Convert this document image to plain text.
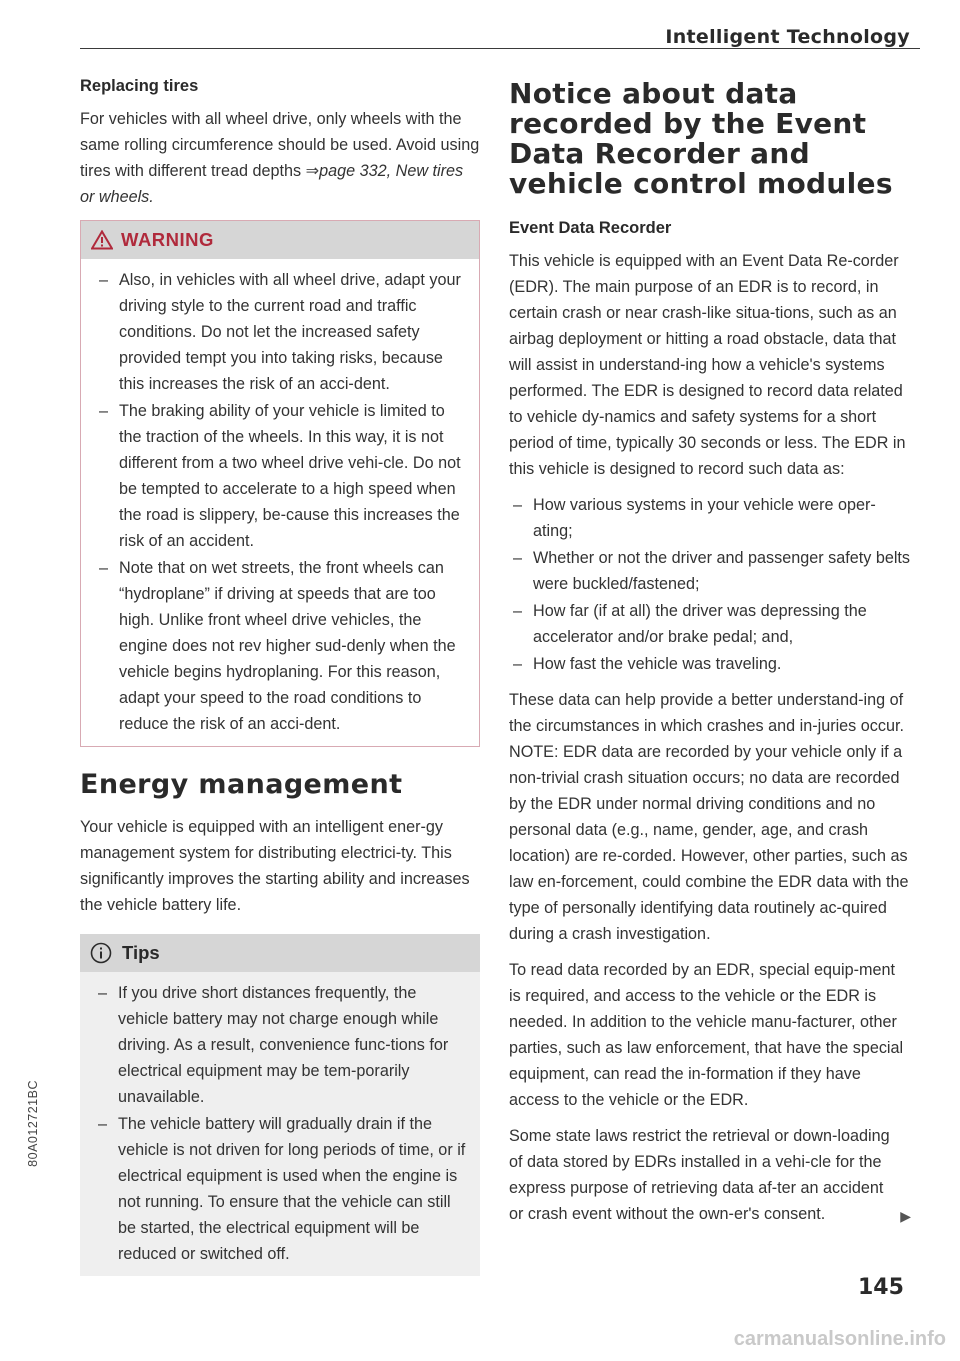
Intelligent Technology
Replacing tires

For vehicles with all wheel drive, only wheels with the same rolling circumference should be used. Avoid using tires with different tread depths ⇒page 332, New tires or wheels.

WARNING
– Also, in vehicles with all wheel drive, adapt your driving style to the current road and traffic conditions. Do not let the increased safety provided tempt you into taking risks, because this increases the risk of an acci-dent.
– The braking ability of your vehicle is limited to the traction of the wheels. In this way, it is not different from a two wheel drive vehi-cle. Do not be tempted to accelerate to a high speed when the road is slippery, be-cause this increases the risk of an accident.
– Note that on wet streets, the front wheels can “hydroplane” if driving at speeds that are too high. Unlike front wheel drive vehicles, the engine does not rev higher sud-denly when the vehicle begins hydroplaning. For this reason, adapt your speed to the road conditions to reduce the risk of an acci-dent.
Energy management

Your vehicle is equipped with an intelligent ener-gy management system for distributing electrici-ty. This significantly improves the starting ability and increases the vehicle battery life.

Tips
– If you drive short distances frequently, the vehicle battery may not charge enough while driving. As a result, convenience func-tions for electrical equipment may be tem-porarily unavailable.
– The vehicle battery will gradually drain if the vehicle is not driven for long periods of time, or if electrical equipment is used when the engine is not running. To ensure that the vehicle can still be started, the electrical equipment will be reduced or switched off.
Notice about data recorded by the Event Data Recorder and vehicle control modules
Event Data Recorder

This vehicle is equipped with an Event Data Re-corder (EDR). The main purpose of an EDR is to record, in certain crash or near crash-like situa-tions, such as an airbag deployment or hitting a road obstacle, data that will assist in understand-ing how a vehicle's systems performed. The EDR is designed to record data related to vehicle dy-namics and safety systems for a short period of time, typically 30 seconds or less. The EDR in this vehicle is designed to record such data as:

– How various systems in your vehicle were oper-ating;
– Whether or not the driver and passenger safety belts were buckled/fastened;
– How far (if at all) the driver was depressing the accelerator and/or brake pedal; and,
– How fast the vehicle was traveling.

These data can help provide a better understand-ing of the circumstances in which crashes and in-juries occur. NOTE: EDR data are recorded by your vehicle only if a non-trivial crash situation occurs; no data are recorded by the EDR under normal driving conditions and no personal data (e.g., name, gender, age, and crash location) are re-corded. However, other parties, such as law en-forcement, could combine the EDR data with the type of personally identifying data routinely ac-quired during a crash investigation.

To read data recorded by an EDR, special equip-ment is required, and access to the vehicle or the EDR is needed. In addition to the vehicle manu-facturer, other parties, such as law enforcement, that have the special equipment, can read the in-formation if they have access to the vehicle or the EDR.

Some state laws restrict the retrieval or down-loading of data stored by EDRs installed in a vehi-cle for the express purpose of retrieving data af-ter an accident or crash event without the own-er's consent.	▶
145
80A012721BC
carmanualsonline.info
